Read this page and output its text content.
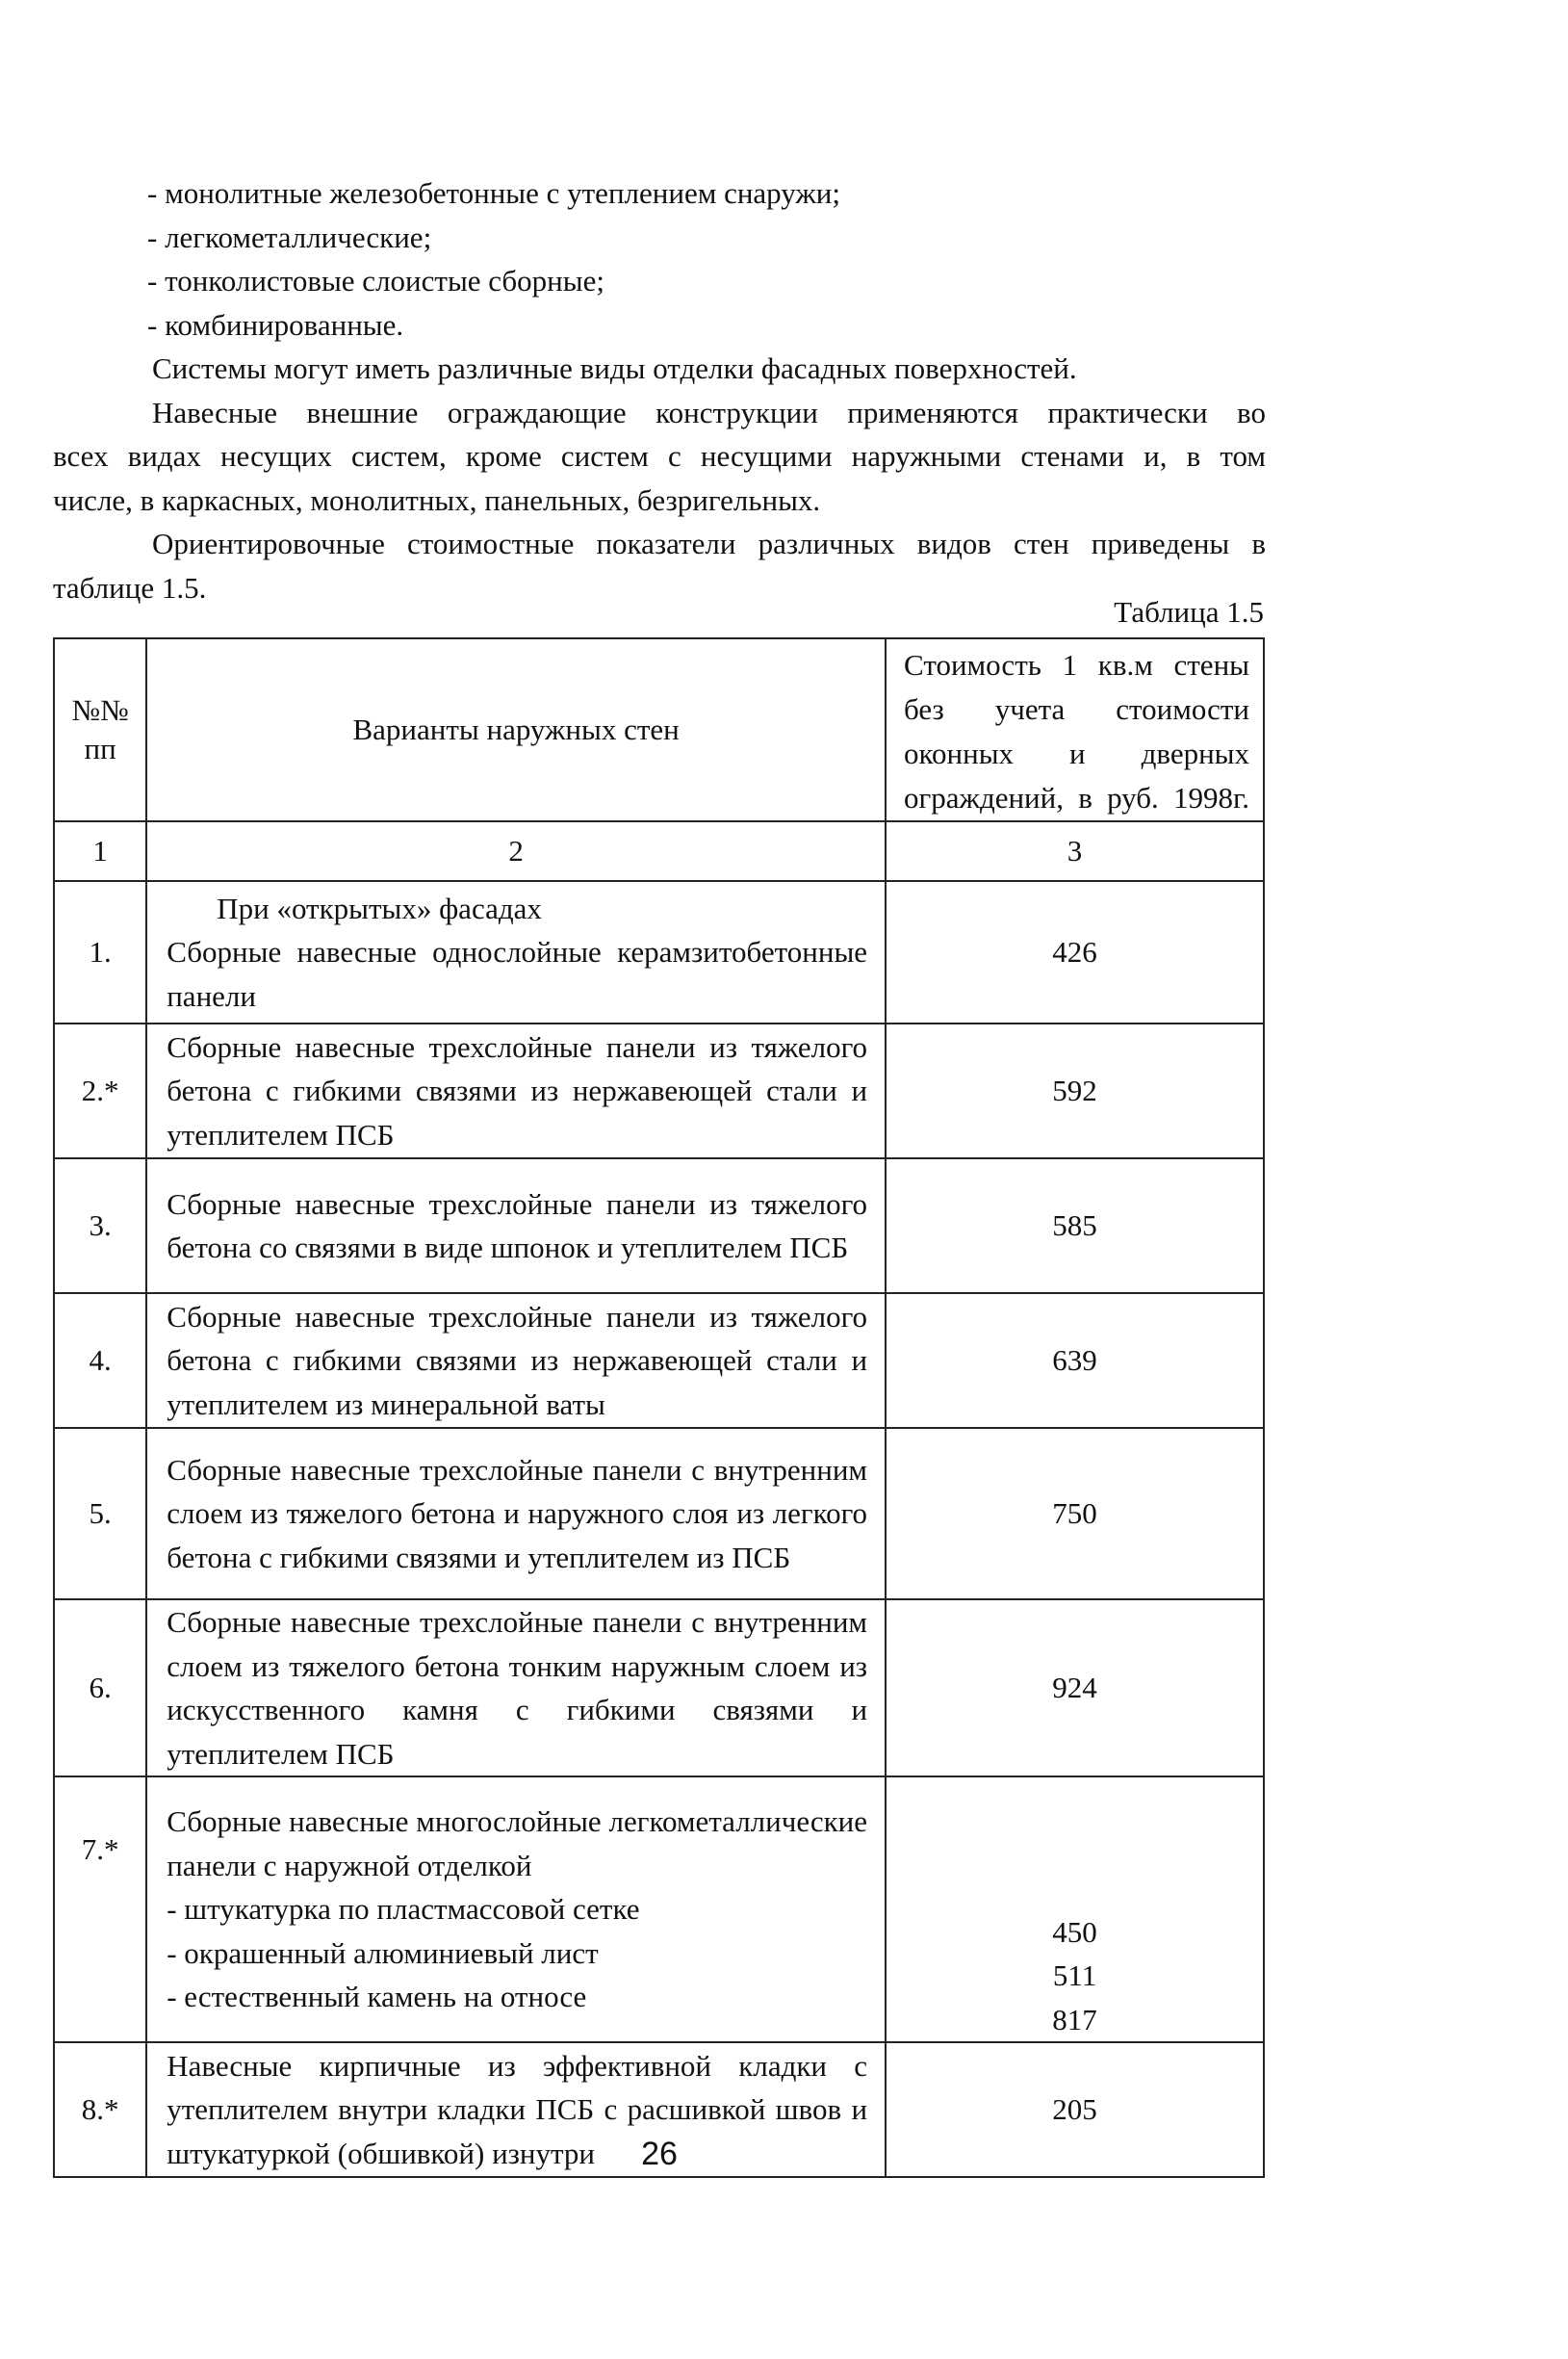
- монолитные железобетонные с утеплением снаружи;
- легкометаллические;
- тонколистовые слоистые сборные;
- комбинированные.
Системы могут иметь различные виды отделки фасадных поверхностей.
Навесные внешние ограждающие конструкции применяются практически во
всех видах несущих систем, кроме систем с несущими наружными стенами и, в том
числе, в каркасных, монолитных, панельных, безригельных.
Ориентировочные стоимостные показатели различных видов стен приведены в
таблице 1.5.
Таблица 1.5
№№ пп	Варианты наружных стен	Стоимость 1 кв.м стены без учета стоимости оконных и дверных ограждений, в руб. 1998г.
1	2	3
1.	При «открытых» фасадах
Сборные навесные однослойные керамзитобетонные панели	426
2.*	Сборные навесные трехслойные панели из тяжелого бетона с гибкими связями из нержавеющей стали и утеплителем ПСБ	592
3.	Сборные навесные трехслойные панели из тяжелого бетона со связями в виде шпонок и утеплителем ПСБ	585
4.	Сборные навесные трехслойные панели из тяжелого бетона с гибкими связями из нержавеющей стали и утеплителем из минеральной ваты	639
5.	Сборные навесные трехслойные панели с внутренним слоем из тяжелого бетона и наружного слоя из легкого бетона с гибкими связями и утеплителем из ПСБ	750
6.	Сборные навесные трехслойные панели с внутренним слоем из тяжелого бетона тонким наружным слоем из искусственного камня с гибкими связями и утеплителем ПСБ	924
7.*	Сборные навесные многослойные легкометаллические панели с наружной отделкой
- штукатурка по пластмассовой сетке
- окрашенный алюминиевый лист
- естественный камень на относе	450
511
817

8.*	Навесные кирпичные из эффективной кладки с утеплителем внутри кладки ПСБ с расшивкой швов и штукатуркой (обшивкой) изнутри	205
26
